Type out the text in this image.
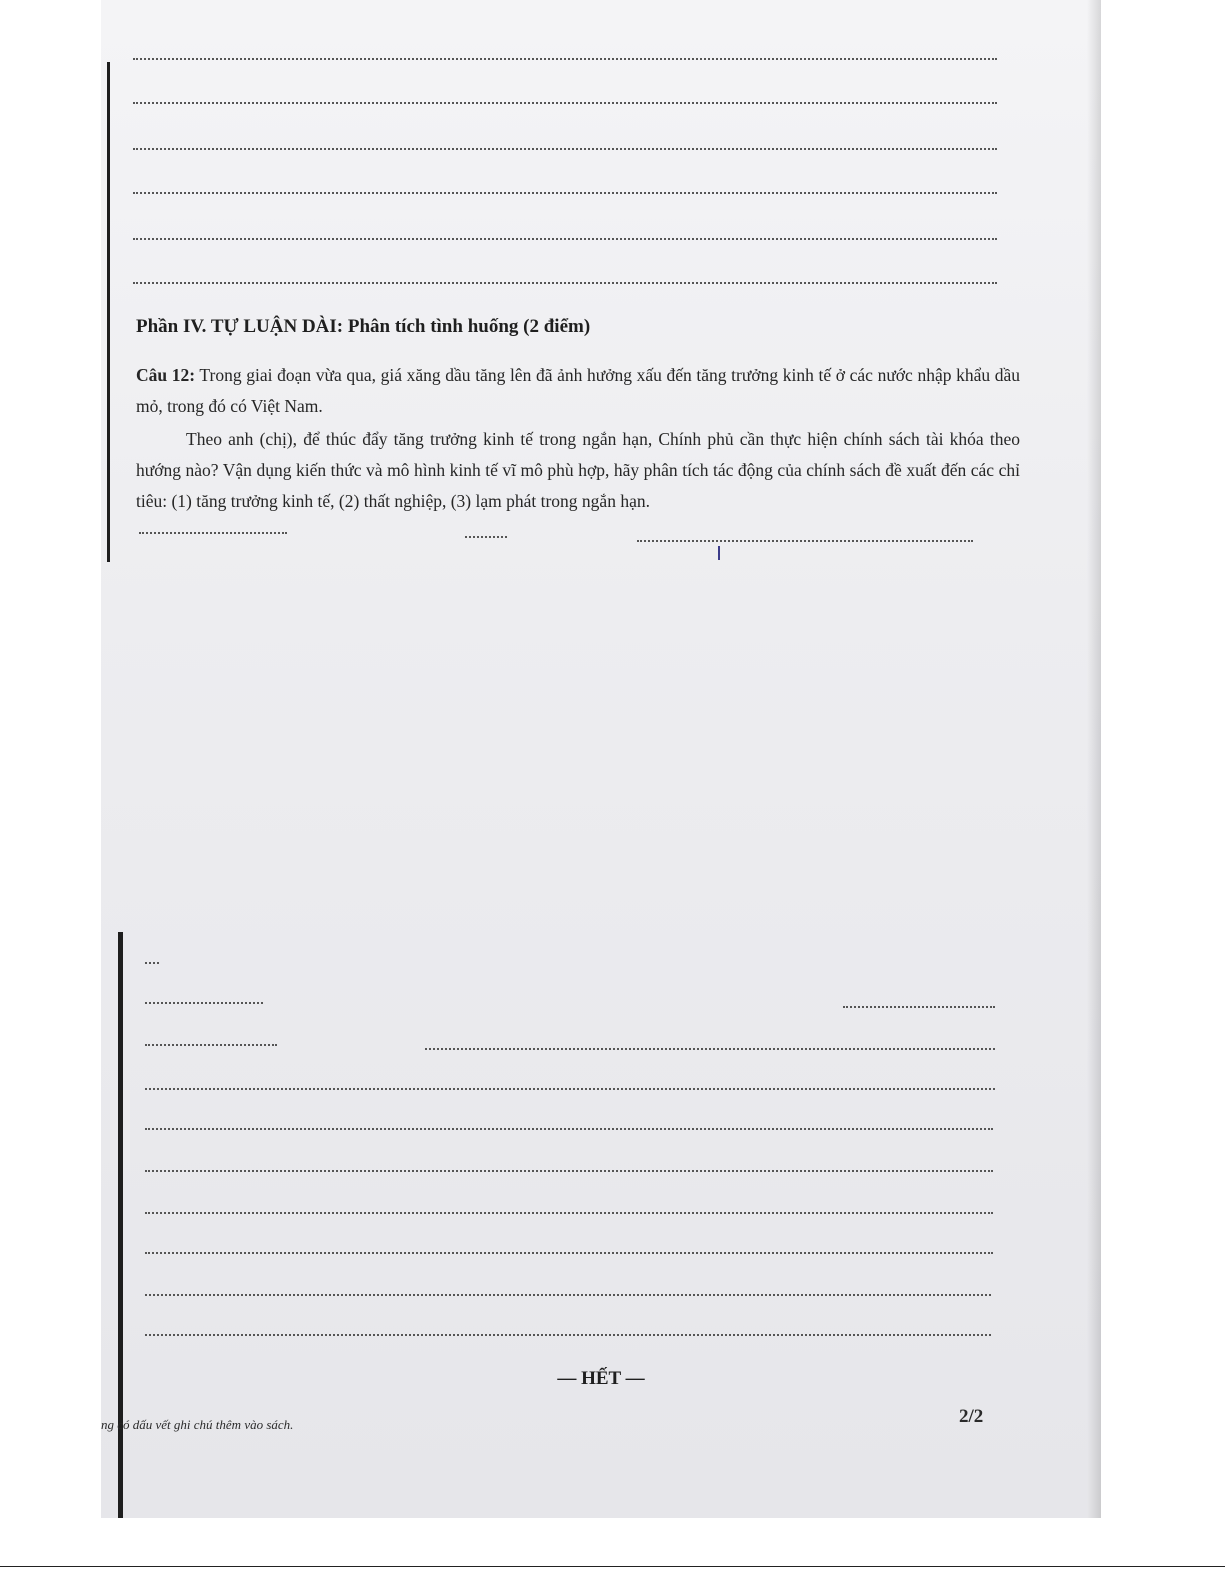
Phần IV. TỰ LUẬN DÀI: Phân tích tình huống (2 điểm)
Câu 12: Trong giai đoạn vừa qua, giá xăng dầu tăng lên đã ảnh hưởng xấu đến tăng trưởng kinh tế ở các nước nhập khẩu dầu mỏ, trong đó có Việt Nam.
Theo anh (chị), để thúc đẩy tăng trưởng kinh tế trong ngắn hạn, Chính phủ cần thực hiện chính sách tài khóa theo hướng nào? Vận dụng kiến thức và mô hình kinh tế vĩ mô phù hợp, hãy phân tích tác động của chính sách đề xuất đến các chỉ tiêu: (1) tăng trưởng kinh tế, (2) thất nghiệp, (3) lạm phát trong ngắn hạn.
— HẾT —
ng có dấu vết ghi chú thêm vào sách.	2/2
